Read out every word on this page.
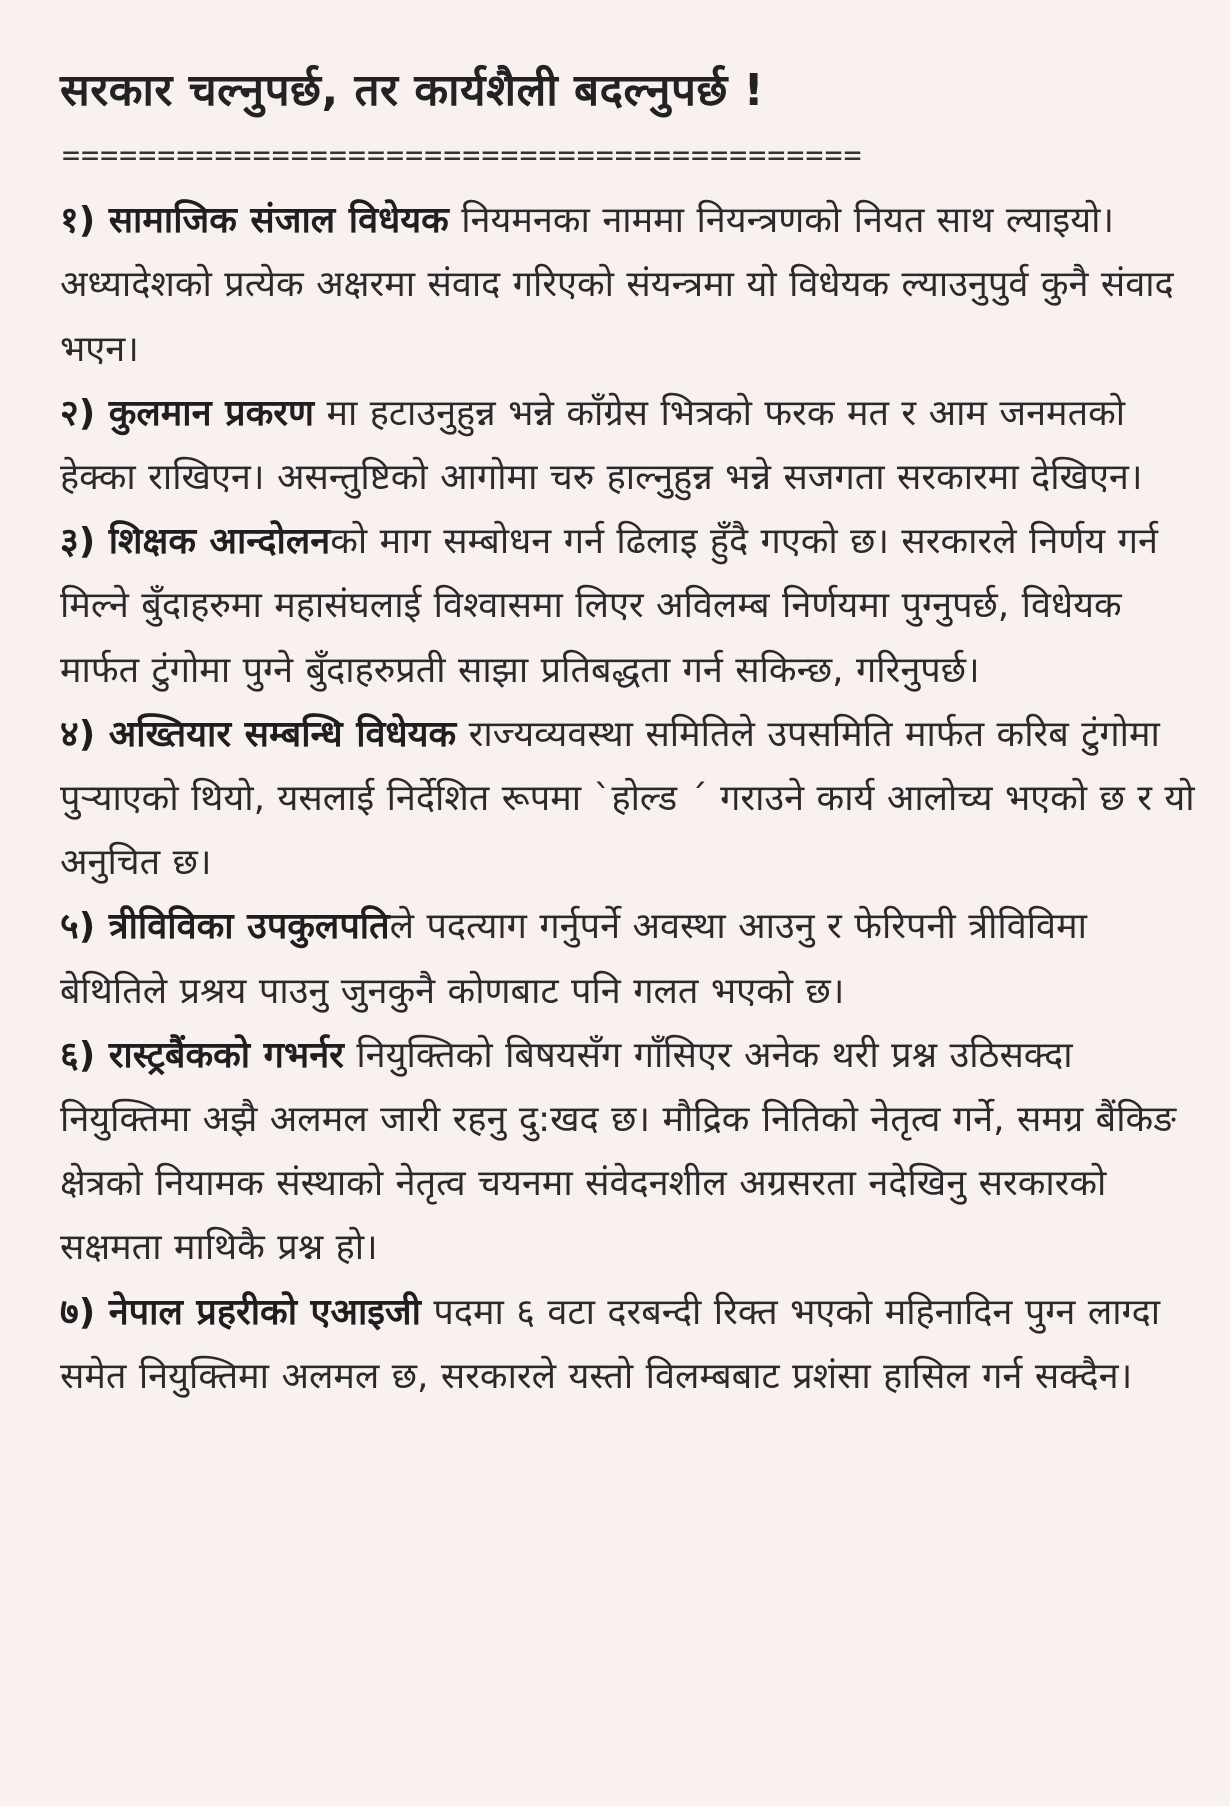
सरकार चल्नुपर्छ, तर कार्यशैली बदल्नुपर्छ !
==========================================

१) सामाजिक संजाल विधेयक नियमनका नाममा नियन्त्रणको नियत साथ ल्याइयो। अध्यादेशको प्रत्येक अक्षरमा संवाद गरिएको संयन्त्रमा यो विधेयक ल्याउनुपुर्व कुनै संवाद भएन।

२) कुलमान प्रकरण मा हटाउनुहुन्न भन्ने काँग्रेस भित्रको फरक मत र आम जनमतको हेक्का राखिएन। असन्तुष्टिको आगोमा चरु हाल्नुहुन्न भन्ने सजगता सरकारमा देखिएन।

३) शिक्षक आन्दोलनको माग सम्बोधन गर्न ढिलाइ हुँदै गएको छ। सरकारले निर्णय गर्न मिल्ने बुँदाहरुमा महासंघलाई विश्वासमा लिएर अविलम्ब निर्णयमा पुग्नुपर्छ, विधेयक मार्फत टुंगोमा पुग्ने बुँदाहरुप्रती साझा प्रतिबद्धता गर्न सकिन्छ, गरिनुपर्छ।

४) अख्तियार सम्बन्धि विधेयक राज्यव्यवस्था समितिले उपसमिति मार्फत करिब टुंगोमा पुऱ्याएको थियो, यसलाई निर्देशित रूपमा `होल्ड ´ गराउने कार्य आलोच्य भएको छ र यो अनुचित छ।

५) त्रीविविका उपकुलपतिले पदत्याग गर्नुपर्ने अवस्था आउनु र फेरिपनी त्रीविविमा बेथितिले प्रश्रय पाउनु जुनकुनै कोणबाट पनि गलत भएको छ।

६) रास्ट्रबैंकको गभर्नर नियुक्तिको बिषयसँग गाँसिएर अनेक थरी प्रश्न उठिसक्दा नियुक्तिमा अझै अलमल जारी रहनु दु:खद छ। मौद्रिक नितिको नेतृत्व गर्ने, समग्र बैंकिङ क्षेत्रको नियामक संस्थाको नेतृत्व चयनमा संवेदनशील अग्रसरता नदेखिनु सरकारको सक्षमता माथिकै प्रश्न हो।

७) नेपाल प्रहरीको एआइजी पदमा ६ वटा दरबन्दी रिक्त भएको महिनादिन पुग्न लाग्दा समेत नियुक्तिमा अलमल छ, सरकारले यस्तो विलम्बबाट प्रशंसा हासिल गर्न सक्दैन।
